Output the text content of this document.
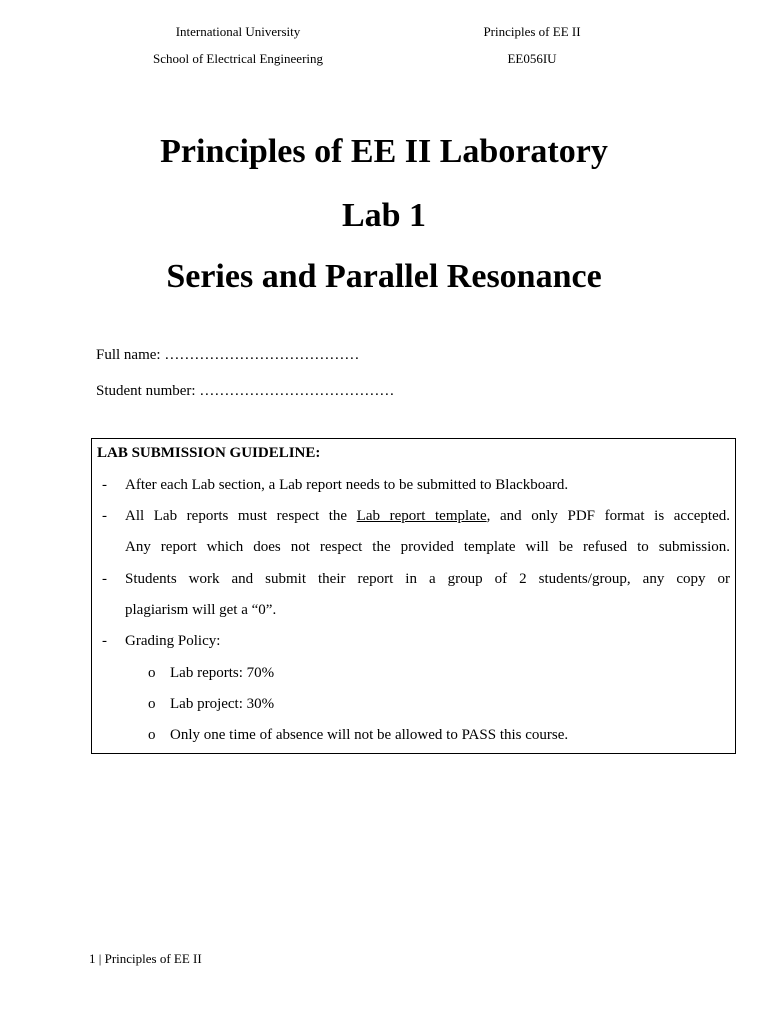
International University
School of Electrical Engineering
Principles of EE II
EE056IU
Principles of EE II Laboratory
Lab 1
Series and Parallel Resonance
Full name: …………………………………
Student number: …………………………………
LAB SUBMISSION GUIDELINE:
- After each Lab section, a Lab report needs to be submitted to Blackboard.
- All Lab reports must respect the Lab report template, and only PDF format is accepted.
Any report which does not respect the provided template will be refused to submission.
- Students work and submit their report in a group of 2 students/group, any copy or
plagiarism will get a “0”.
- Grading Policy:
o Lab reports: 70%
o Lab project: 30%
o Only one time of absence will not be allowed to PASS this course.
1 | Principles of EE II
